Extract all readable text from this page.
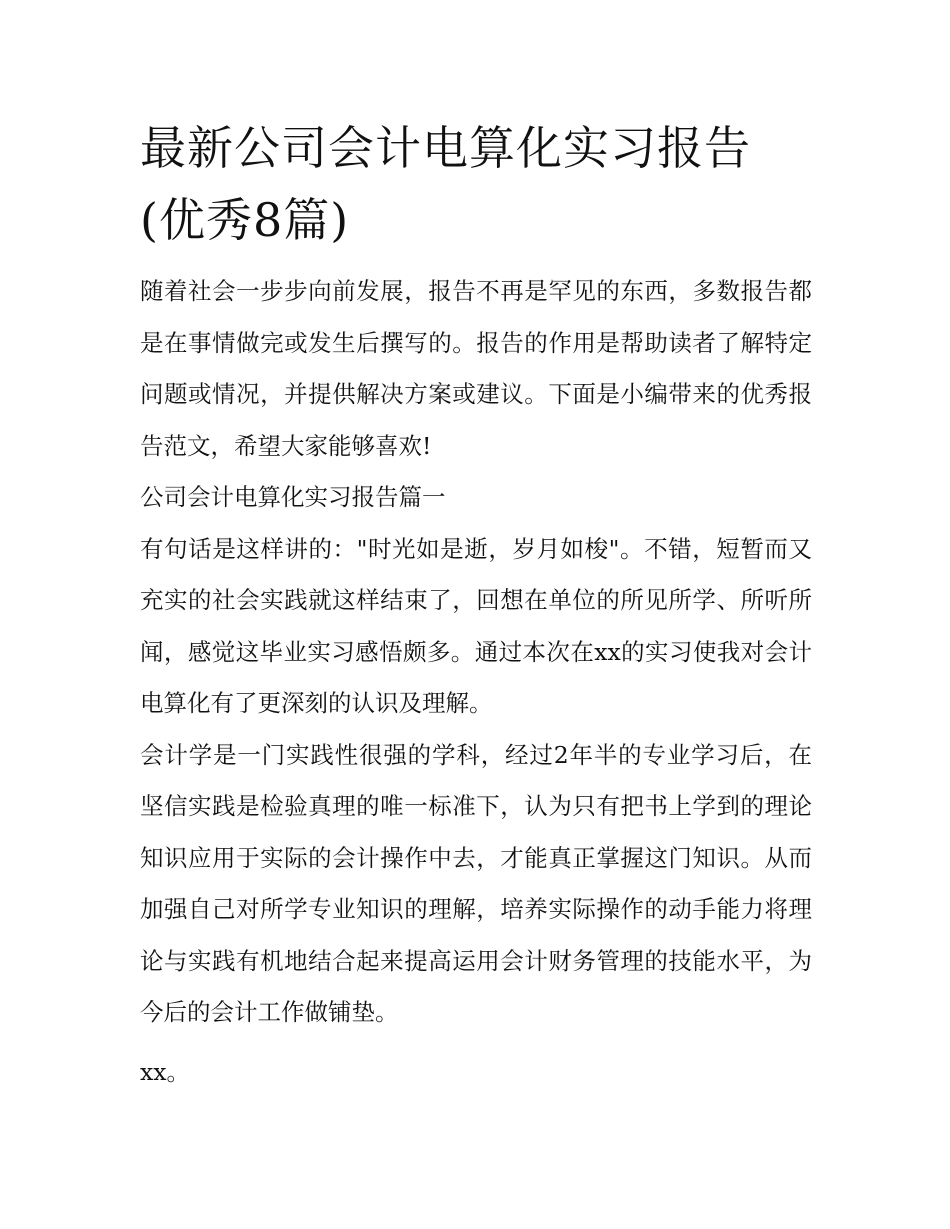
最新公司会计电算化实习报告(优秀8篇)

随着社会一步步向前发展，报告不再是罕见的东西，多数报告都是在事情做完或发生后撰写的。报告的作用是帮助读者了解特定问题或情况，并提供解决方案或建议。下面是小编带来的优秀报告范文，希望大家能够喜欢!

公司会计电算化实习报告篇一

有句话是这样讲的："时光如是逝，岁月如梭"。不错，短暂而又充实的社会实践就这样结束了，回想在单位的所见所学、所听所闻，感觉这毕业实习感悟颇多。通过本次在xx的实习使我对会计电算化有了更深刻的认识及理解。

会计学是一门实践性很强的学科，经过2年半的专业学习后，在坚信实践是检验真理的唯一标准下，认为只有把书上学到的理论知识应用于实际的会计操作中去，才能真正掌握这门知识。从而加强自己对所学专业知识的理解，培养实际操作的动手能力将理论与实践有机地结合起来提高运用会计财务管理的技能水平，为今后的会计工作做铺垫。

xx。
